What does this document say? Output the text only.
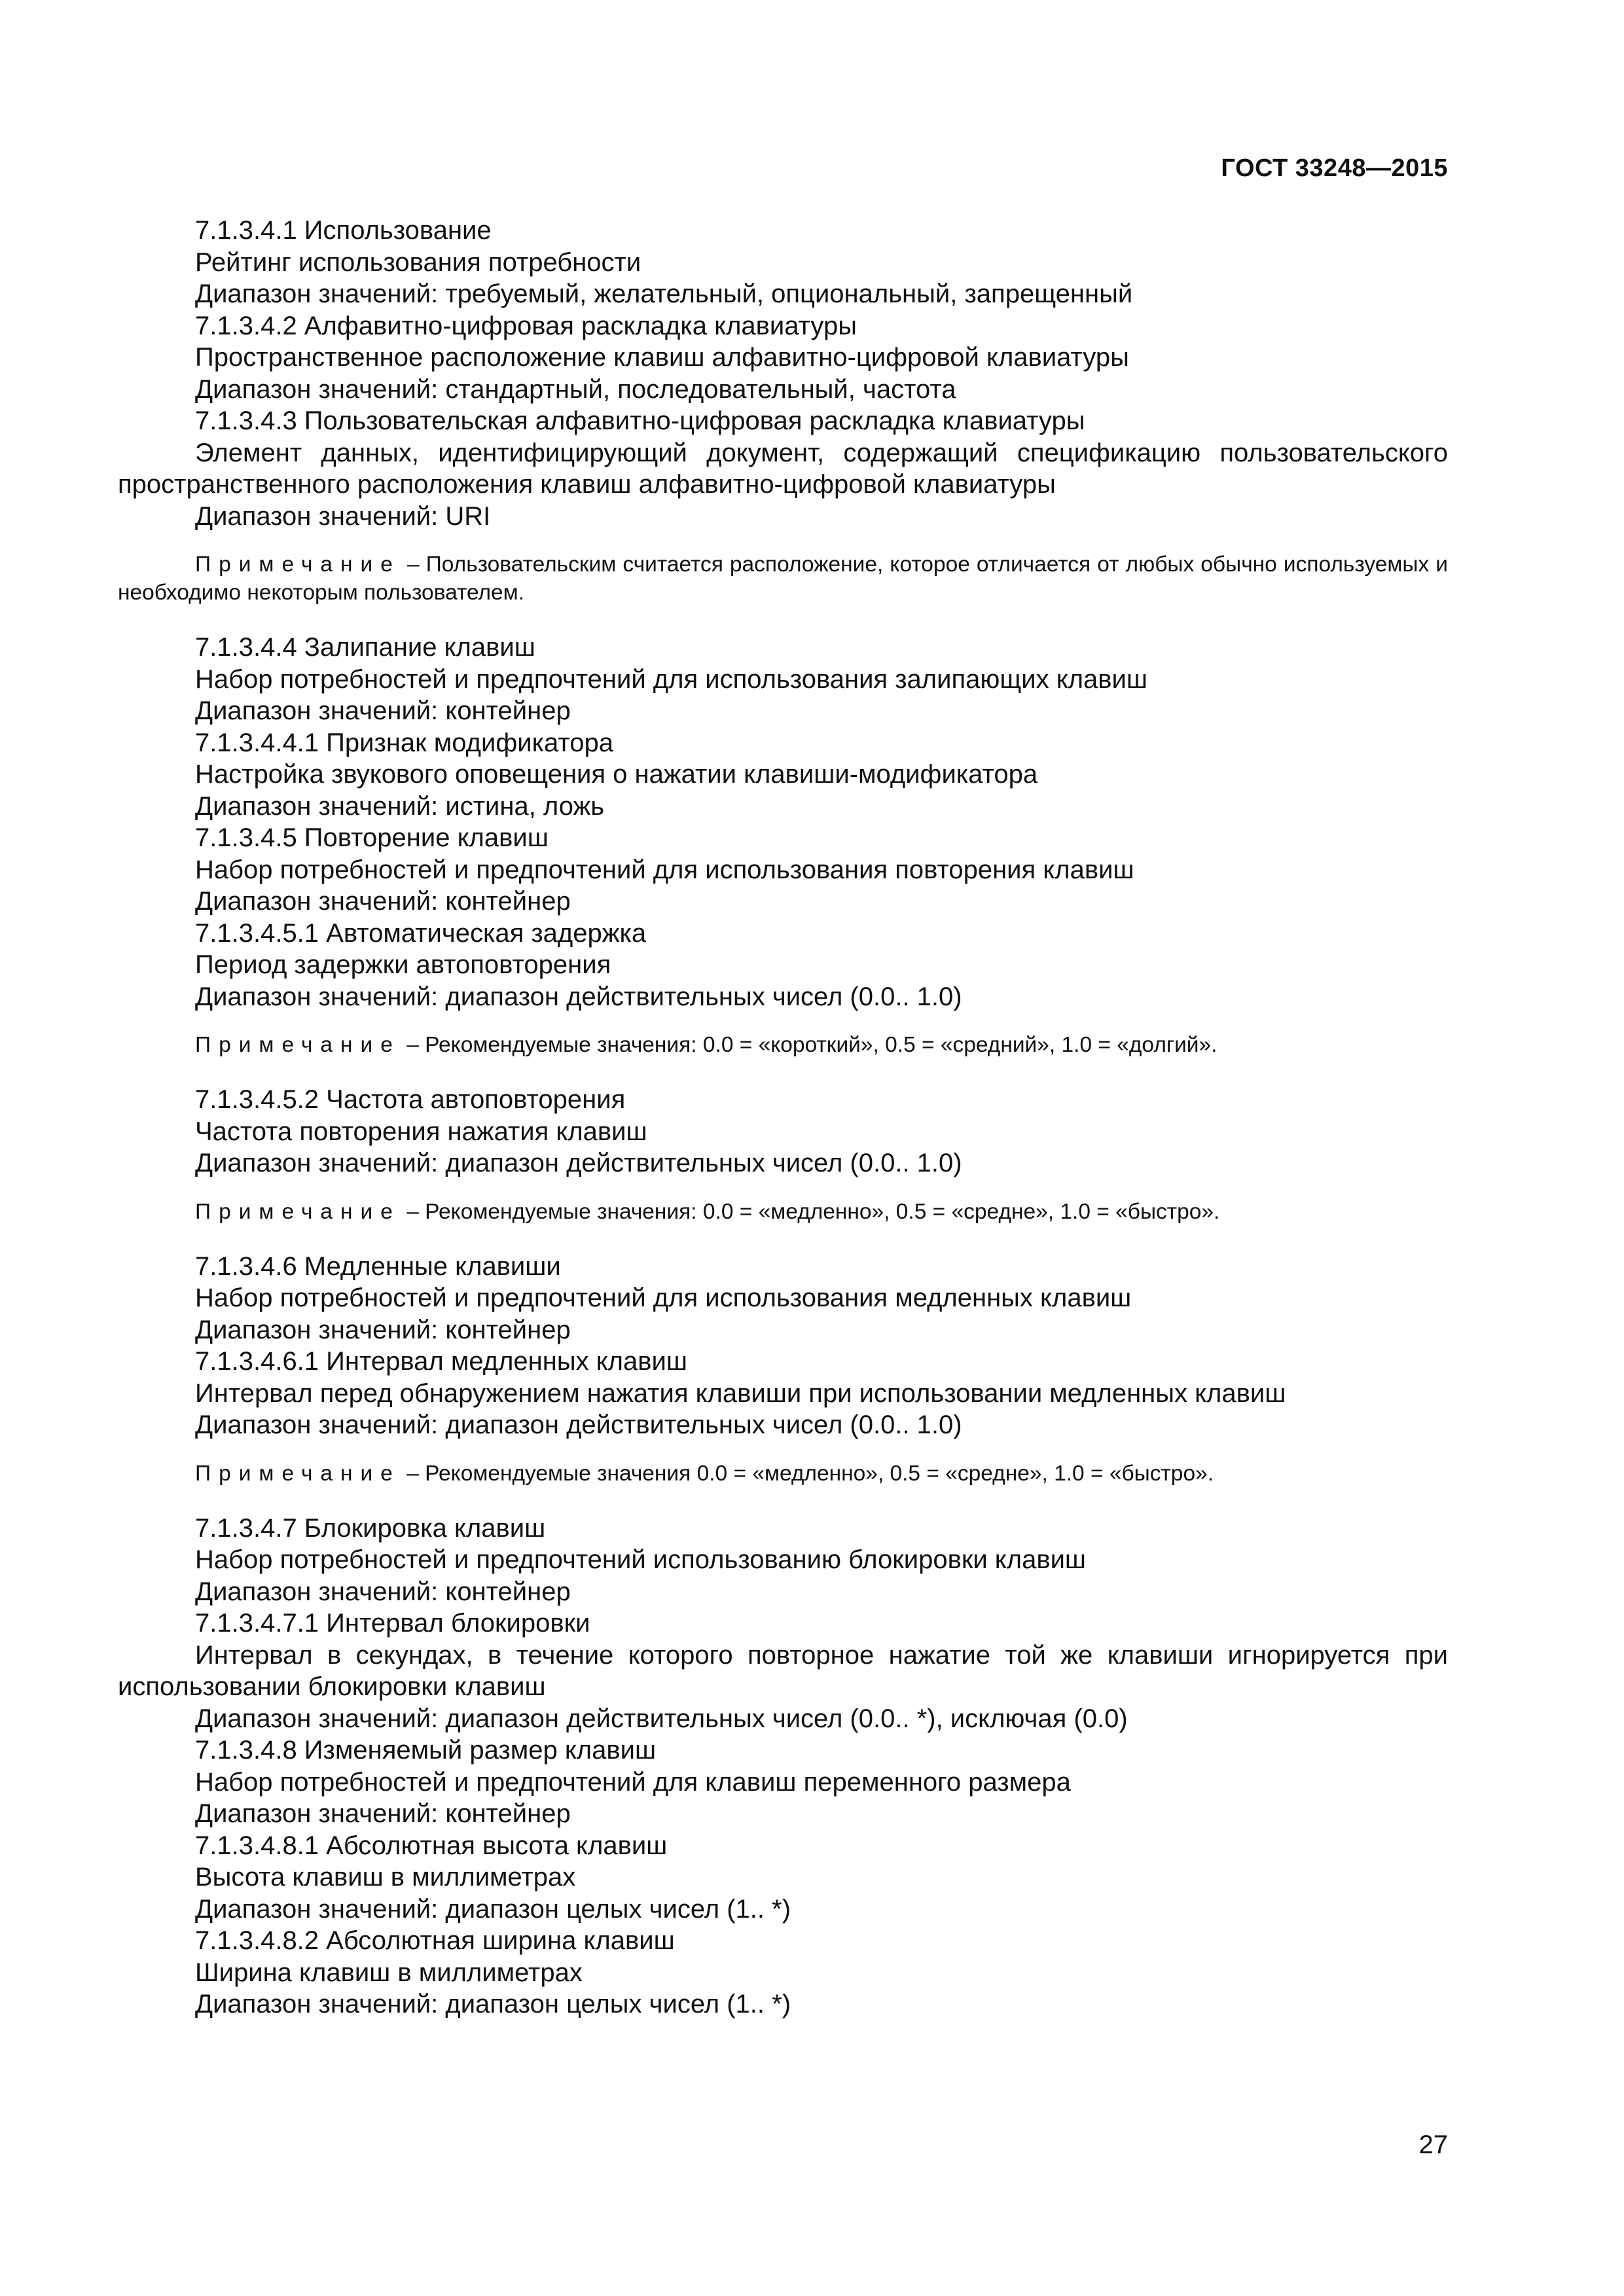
ГОСТ 33248—2015

7.1.3.4.1 Использование

Рейтинг использования потребности

Диапазон значений: требуемый, желательный, опциональный, запрещенный

7.1.3.4.2 Алфавитно-цифровая раскладка клавиатуры

Пространственное расположение клавиш алфавитно-цифровой клавиатуры

Диапазон значений: стандартный, последовательный, частота

7.1.3.4.3 Пользовательская алфавитно-цифровая раскладка клавиатуры

Элемент данных, идентифицирующий документ, содержащий спецификацию пользовательского пространственного расположения клавиш алфавитно-цифровой клавиатуры

Диапазон значений: URI

Примечание – Пользовательским считается расположение, которое отличается от любых обычно используемых и необходимо некоторым пользователем.

7.1.3.4.4 Залипание клавиш

Набор потребностей и предпочтений для использования залипающих клавиш

Диапазон значений: контейнер

7.1.3.4.4.1 Признак модификатора

Настройка звукового оповещения о нажатии клавиши-модификатора

Диапазон значений: истина, ложь

7.1.3.4.5 Повторение клавиш

Набор потребностей и предпочтений для использования повторения клавиш

Диапазон значений: контейнер

7.1.3.4.5.1 Автоматическая задержка

Период задержки автоповторения

Диапазон значений: диапазон действительных чисел (0.0.. 1.0)

Примечание – Рекомендуемые значения: 0.0 = «короткий», 0.5 = «средний», 1.0 = «долгий».

7.1.3.4.5.2 Частота автоповторения

Частота повторения нажатия клавиш

Диапазон значений: диапазон действительных чисел (0.0.. 1.0)

Примечание – Рекомендуемые значения: 0.0 = «медленно», 0.5 = «средне», 1.0 = «быстро».

7.1.3.4.6 Медленные клавиши

Набор потребностей и предпочтений для использования медленных клавиш

Диапазон значений: контейнер

7.1.3.4.6.1 Интервал медленных клавиш

Интервал перед обнаружением нажатия клавиши при использовании медленных клавиш

Диапазон значений: диапазон действительных чисел (0.0.. 1.0)

Примечание – Рекомендуемые значения 0.0 = «медленно», 0.5 = «средне», 1.0 = «быстро».

7.1.3.4.7 Блокировка клавиш

Набор потребностей и предпочтений использованию блокировки клавиш

Диапазон значений: контейнер

7.1.3.4.7.1 Интервал блокировки

Интервал в секундах, в течение которого повторное нажатие той же клавиши игнорируется при использовании блокировки клавиш

Диапазон значений: диапазон действительных чисел (0.0.. *), исключая (0.0)

7.1.3.4.8 Изменяемый размер клавиш

Набор потребностей и предпочтений для клавиш переменного размера

Диапазон значений: контейнер

7.1.3.4.8.1 Абсолютная высота клавиш

Высота клавиш в миллиметрах

Диапазон значений: диапазон целых чисел (1.. *)

7.1.3.4.8.2 Абсолютная ширина клавиш

Ширина клавиш в миллиметрах

Диапазон значений: диапазон целых чисел (1.. *)

27
